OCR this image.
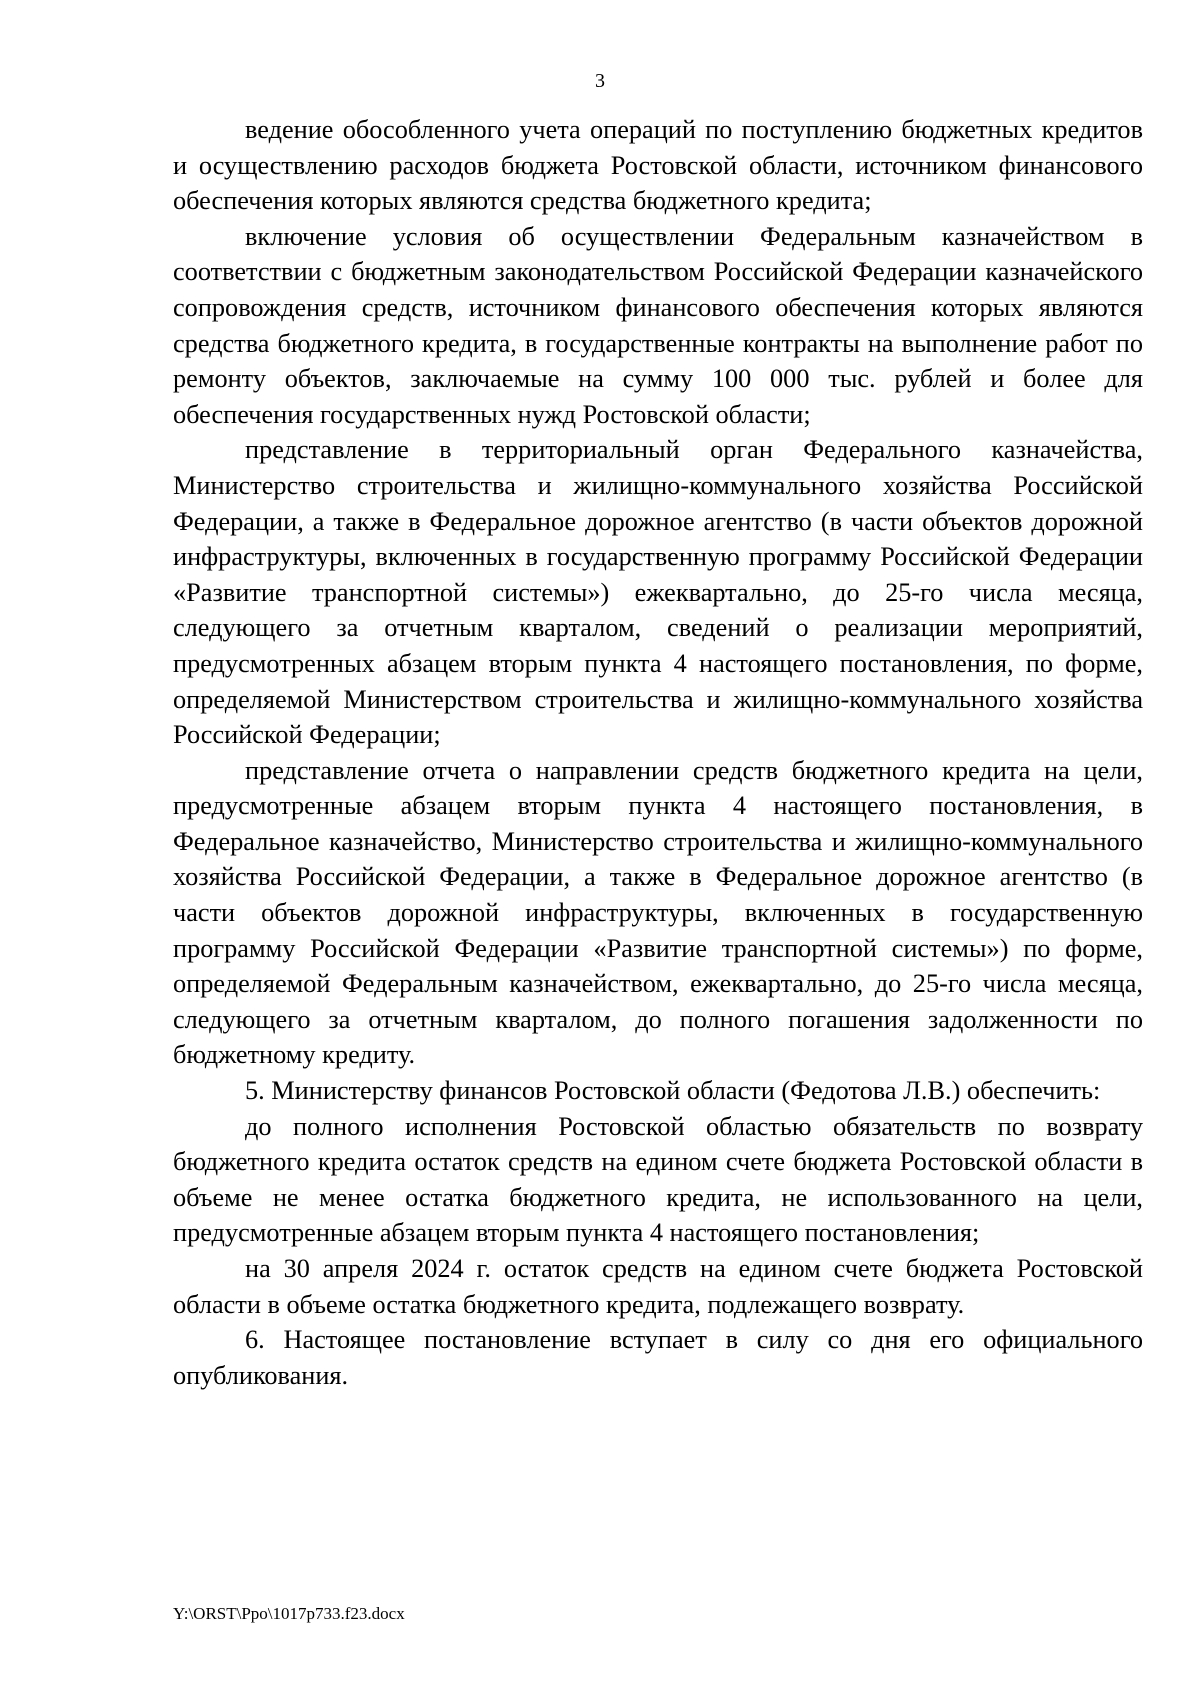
3

ведение обособленного учета операций по поступлению бюджетных кредитов и осуществлению расходов бюджета Ростовской области, источником финансового обеспечения которых являются средства бюджетного кредита;

включение условия об осуществлении Федеральным казначейством в соответствии с бюджетным законодательством Российской Федерации казначейского сопровождения средств, источником финансового обеспечения которых являются средства бюджетного кредита, в государственные контракты на выполнение работ по ремонту объектов, заключаемые на сумму 100 000 тыс. рублей и более для обеспечения государственных нужд Ростовской области;

представление в территориальный орган Федерального казначейства, Министерство строительства и жилищно-коммунального хозяйства Российской Федерации, а также в Федеральное дорожное агентство (в части объектов дорожной инфраструктуры, включенных в государственную программу Российской Федерации «Развитие транспортной системы») ежеквартально, до 25-го числа месяца, следующего за отчетным кварталом, сведений о реализации мероприятий, предусмотренных абзацем вторым пункта 4 настоящего постановления, по форме, определяемой Министерством строительства и жилищно-коммунального хозяйства Российской Федерации;

представление отчета о направлении средств бюджетного кредита на цели, предусмотренные абзацем вторым пункта 4 настоящего постановления, в Федеральное казначейство, Министерство строительства и жилищно-коммунального хозяйства Российской Федерации, а также в Федеральное дорожное агентство (в части объектов дорожной инфраструктуры, включенных в государственную программу Российской Федерации «Развитие транспортной системы») по форме, определяемой Федеральным казначейством, ежеквартально, до 25-го числа месяца, следующего за отчетным кварталом, до полного погашения задолженности по бюджетному кредиту.

5. Министерству финансов Ростовской области (Федотова Л.В.) обеспечить:

до полного исполнения Ростовской областью обязательств по возврату бюджетного кредита остаток средств на едином счете бюджета Ростовской области в объеме не менее остатка бюджетного кредита, не использованного на цели, предусмотренные абзацем вторым пункта 4 настоящего постановления;

на 30 апреля 2024 г. остаток средств на едином счете бюджета Ростовской области в объеме остатка бюджетного кредита, подлежащего возврату.

6. Настоящее постановление вступает в силу со дня его официального опубликования.

Y:\ORST\Ppo\1017p733.f23.docx
